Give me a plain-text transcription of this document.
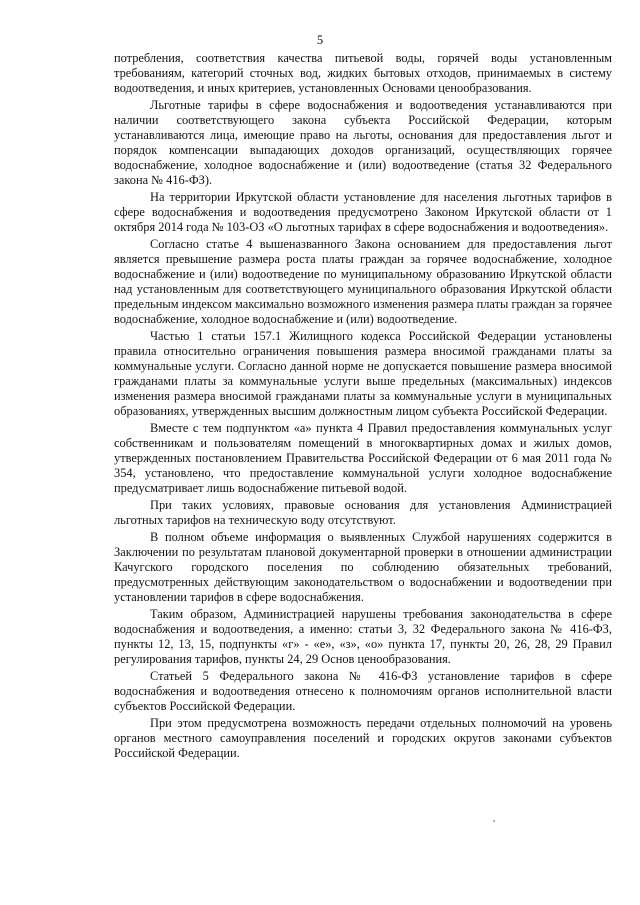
5

потребления, соответствия качества питьевой воды, горячей воды установленным требованиям, категорий сточных вод, жидких бытовых отходов, принимаемых в систему водоотведения, и иных критериев, установленных Основами ценообразования.

Льготные тарифы в сфере водоснабжения и водоотведения устанавливаются при наличии соответствующего закона субъекта Российской Федерации, которым устанавливаются лица, имеющие право на льготы, основания для предоставления льгот и порядок компенсации выпадающих доходов организаций, осуществляющих горячее водоснабжение, холодное водоснабжение и (или) водоотведение (статья 32 Федерального закона № 416-ФЗ).

На территории Иркутской области установление для населения льготных тарифов в сфере водоснабжения и водоотведения предусмотрено Законом Иркутской области от 1 октября 2014 года № 103-ОЗ «О льготных тарифах в сфере водоснабжения и водоотведения».

Согласно статье 4 вышеназванного Закона основанием для предоставления льгот является превышение размера роста платы граждан за горячее водоснабжение, холодное водоснабжение и (или) водоотведение по муниципальному образованию Иркутской области над установленным для соответствующего муниципального образования Иркутской области предельным индексом максимально возможного изменения размера платы граждан за горячее водоснабжение, холодное водоснабжение и (или) водоотведение.

Частью 1 статьи 157.1 Жилищного кодекса Российской Федерации установлены правила относительно ограничения повышения размера вносимой гражданами платы за коммунальные услуги. Согласно данной норме не допускается повышение размера вносимой гражданами платы за коммунальные услуги выше предельных (максимальных) индексов изменения размера вносимой гражданами платы за коммунальные услуги в муниципальных образованиях, утвержденных высшим должностным лицом субъекта Российской Федерации.

Вместе с тем подпунктом «а» пункта 4 Правил предоставления коммунальных услуг собственникам и пользователям помещений в многоквартирных домах и жилых домов, утвержденных постановлением Правительства Российской Федерации от 6 мая 2011 года № 354, установлено, что предоставление коммунальной услуги холодное водоснабжение предусматривает лишь водоснабжение питьевой водой.

При таких условиях, правовые основания для установления Администрацией льготных тарифов на техническую воду отсутствуют.

В полном объеме информация о выявленных Службой нарушениях содержится в Заключении по результатам плановой документарной проверки в отношении администрации Качугского городского поселения по соблюдению обязательных требований, предусмотренных действующим законодательством о водоснабжении и водоотведении при установлении тарифов в сфере водоснабжения.

Таким образом, Администрацией нарушены требования законодательства в сфере водоснабжения и водоотведения, а именно: статьи 3, 32 Федерального закона № 416-ФЗ, пункты 12, 13, 15, подпункты «г» - «е», «з», «о» пункта 17, пункты 20, 26, 28, 29 Правил регулирования тарифов, пункты 24, 29 Основ ценообразования.

Статьей 5 Федерального закона № 416-ФЗ установление тарифов в сфере водоснабжения и водоотведения отнесено к полномочиям органов исполнительной власти субъектов Российской Федерации.

При этом предусмотрена возможность передачи отдельных полномочий на уровень органов местного самоуправления поселений и городских округов законами субъектов Российской Федерации.
